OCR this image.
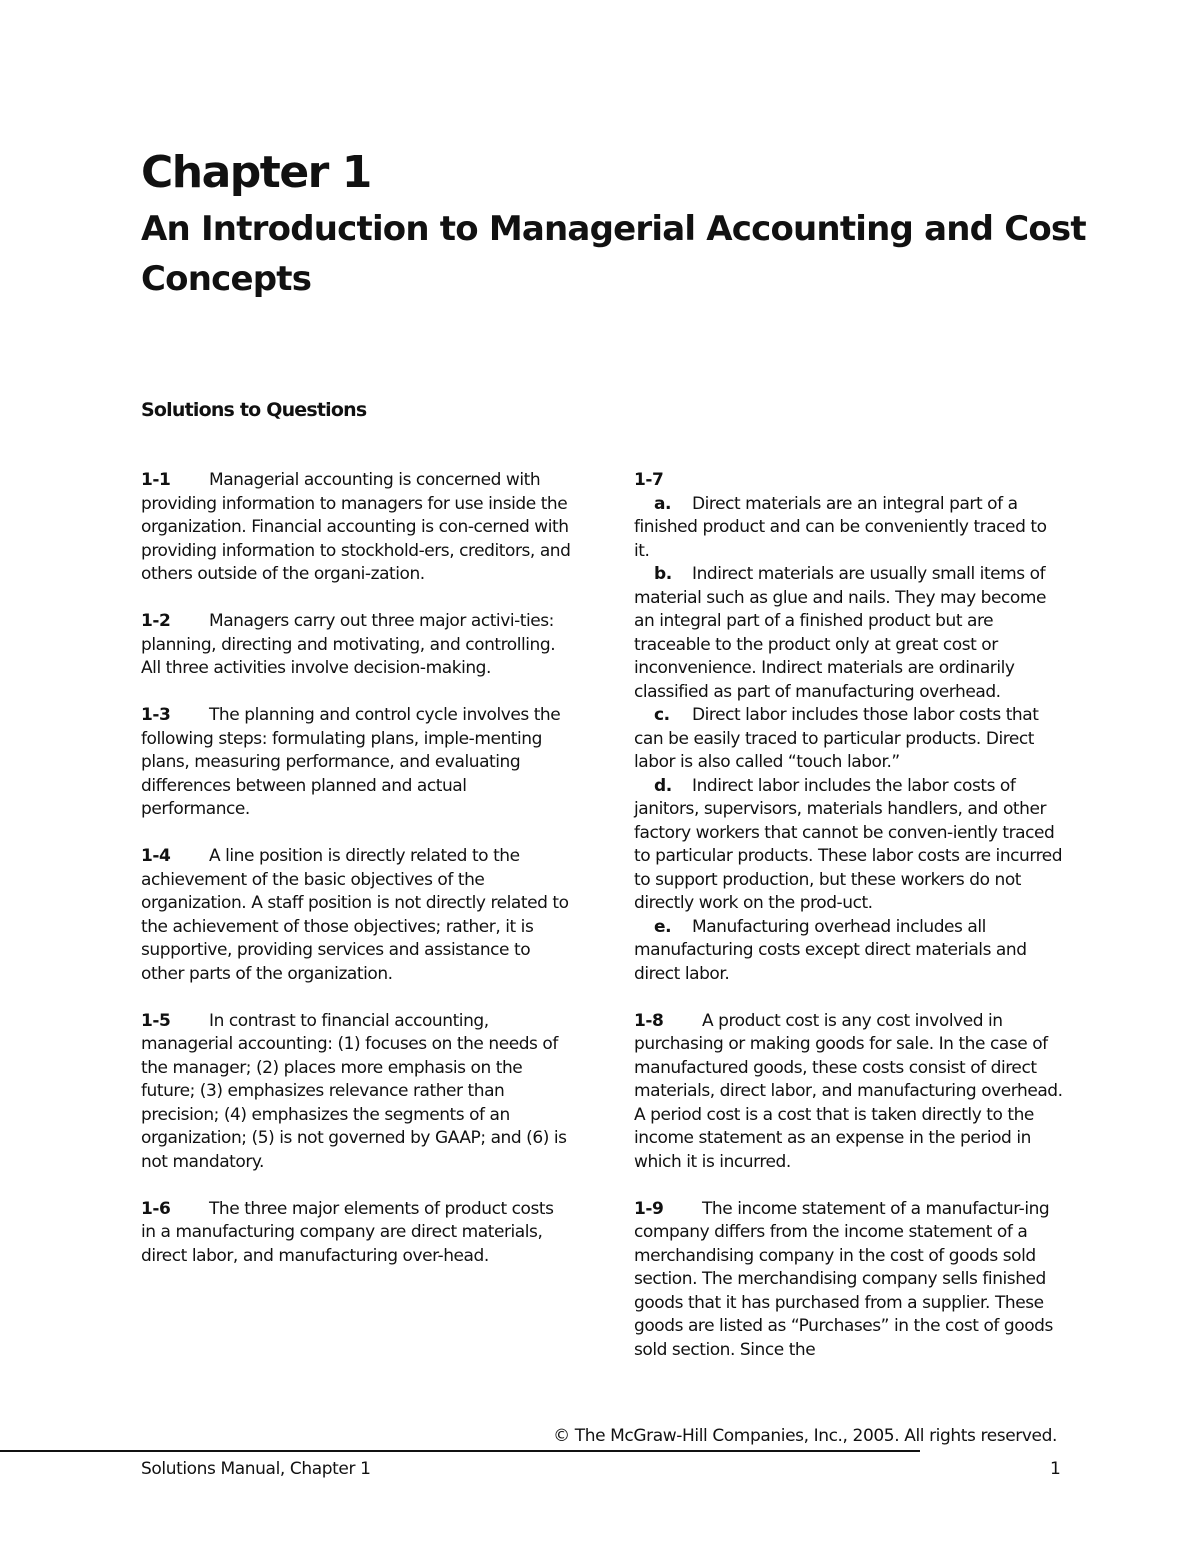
Chapter 1
An Introduction to Managerial Accounting and Cost Concepts
Solutions to Questions

1-1 Managerial accounting is concerned with providing information to managers for use inside the organization. Financial accounting is con-cerned with providing information to stockhold-ers, creditors, and others outside of the organi-zation.

1-2 Managers carry out three major activi-ties: planning, directing and motivating, and controlling. All three activities involve decision-making.

1-3 The planning and control cycle involves the following steps: formulating plans, imple-menting plans, measuring performance, and evaluating differences between planned and actual performance.

1-4 A line position is directly related to the achievement of the basic objectives of the organization. A staff position is not directly related to the achievement of those objectives; rather, it is supportive, providing services and assistance to other parts of the organization.

1-5 In contrast to financial accounting, managerial accounting: (1) focuses on the needs of the manager; (2) places more emphasis on the future; (3) emphasizes relevance rather than precision; (4) emphasizes the segments of an organization; (5) is not governed by GAAP; and (6) is not mandatory.

1-6 The three major elements of product costs in a manufacturing company are direct materials, direct labor, and manufacturing over-head.

1-7

a. Direct materials are an integral part of a finished product and can be conveniently traced to it.

b. Indirect materials are usually small items of material such as glue and nails. They may become an integral part of a finished product but are traceable to the product only at great cost or inconvenience. Indirect materials are ordinarily classified as part of manufacturing overhead.

c. Direct labor includes those labor costs that can be easily traced to particular products. Direct labor is also called “touch labor.”

d. Indirect labor includes the labor costs of janitors, supervisors, materials handlers, and other factory workers that cannot be conven-iently traced to particular products. These labor costs are incurred to support production, but these workers do not directly work on the prod-uct.

e. Manufacturing overhead includes all manufacturing costs except direct materials and direct labor.

1-8 A product cost is any cost involved in purchasing or making goods for sale. In the case of manufactured goods, these costs consist of direct materials, direct labor, and manufacturing overhead. A period cost is a cost that is taken directly to the income statement as an expense in the period in which it is incurred.

1-9 The income statement of a manufactur-ing company differs from the income statement of a merchandising company in the cost of goods sold section. The merchandising company sells finished goods that it has purchased from a supplier. These goods are listed as “Purchases” in the cost of goods sold section. Since the

© The McGraw-Hill Companies, Inc., 2005. All rights reserved.
Solutions Manual, Chapter 1	1
